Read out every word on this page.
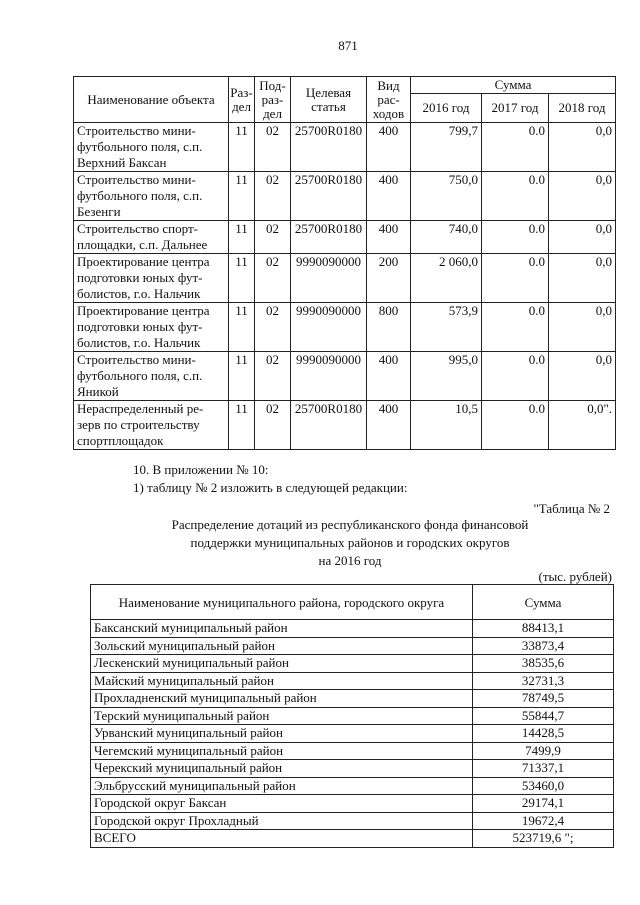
871
Наименование объекта	Раз-дел	Под-раз-дел	Целевая статья	Вид рас-ходов	Сумма		
					2016 год	2017 год	2018 год
Строительство мини-футбольного поля, с.п. Верхний Баксан	11	02	25700R0180	400	799,7	0.0	0,0
Строительство мини-футбольного поля, с.п. Безенги	11	02	25700R0180	400	750,0	0.0	0,0
Строительство спорт-площадки, с.п. Дальнее	11	02	25700R0180	400	740,0	0.0	0,0
Проектирование центра подготовки юных фут-болистов, г.о. Нальчик	11	02	9990090000	200	2 060,0	0.0	0,0
Проектирование центра подготовки юных фут-болистов, г.о. Нальчик	11	02	9990090000	800	573,9	0.0	0,0
Строительство мини-футбольного поля, с.п. Яникой	11	02	9990090000	400	995,0	0.0	0,0
Нераспределенный ре-зерв по строительству спортплощадок	11	02	25700R0180	400	10,5	0.0	0,0".
10. В приложении № 10:
1) таблицу № 2 изложить в следующей редакции:
"Таблица № 2
Распределение дотаций из республиканского фонда финансовой
поддержки муниципальных районов и городских округов
на 2016 год
(тыс. рублей)
Наименование муниципального района, городского округа	Сумма
Баксанский муниципальный район	88413,1
Зольский муниципальный район	33873,4
Лескенский муниципальный район	38535,6
Майский муниципальный район	32731,3
Прохладненский муниципальный район	78749,5
Терский муниципальный район	55844,7
Урванский муниципальный район	14428,5
Чегемский муниципальный район	7499,9
Черекский муниципальный район	71337,1
Эльбрусский муниципальный район	53460,0
Городской округ Баксан	29174,1
Городской округ Прохладный	19672,4
ВСЕГО	523719,6 ";
